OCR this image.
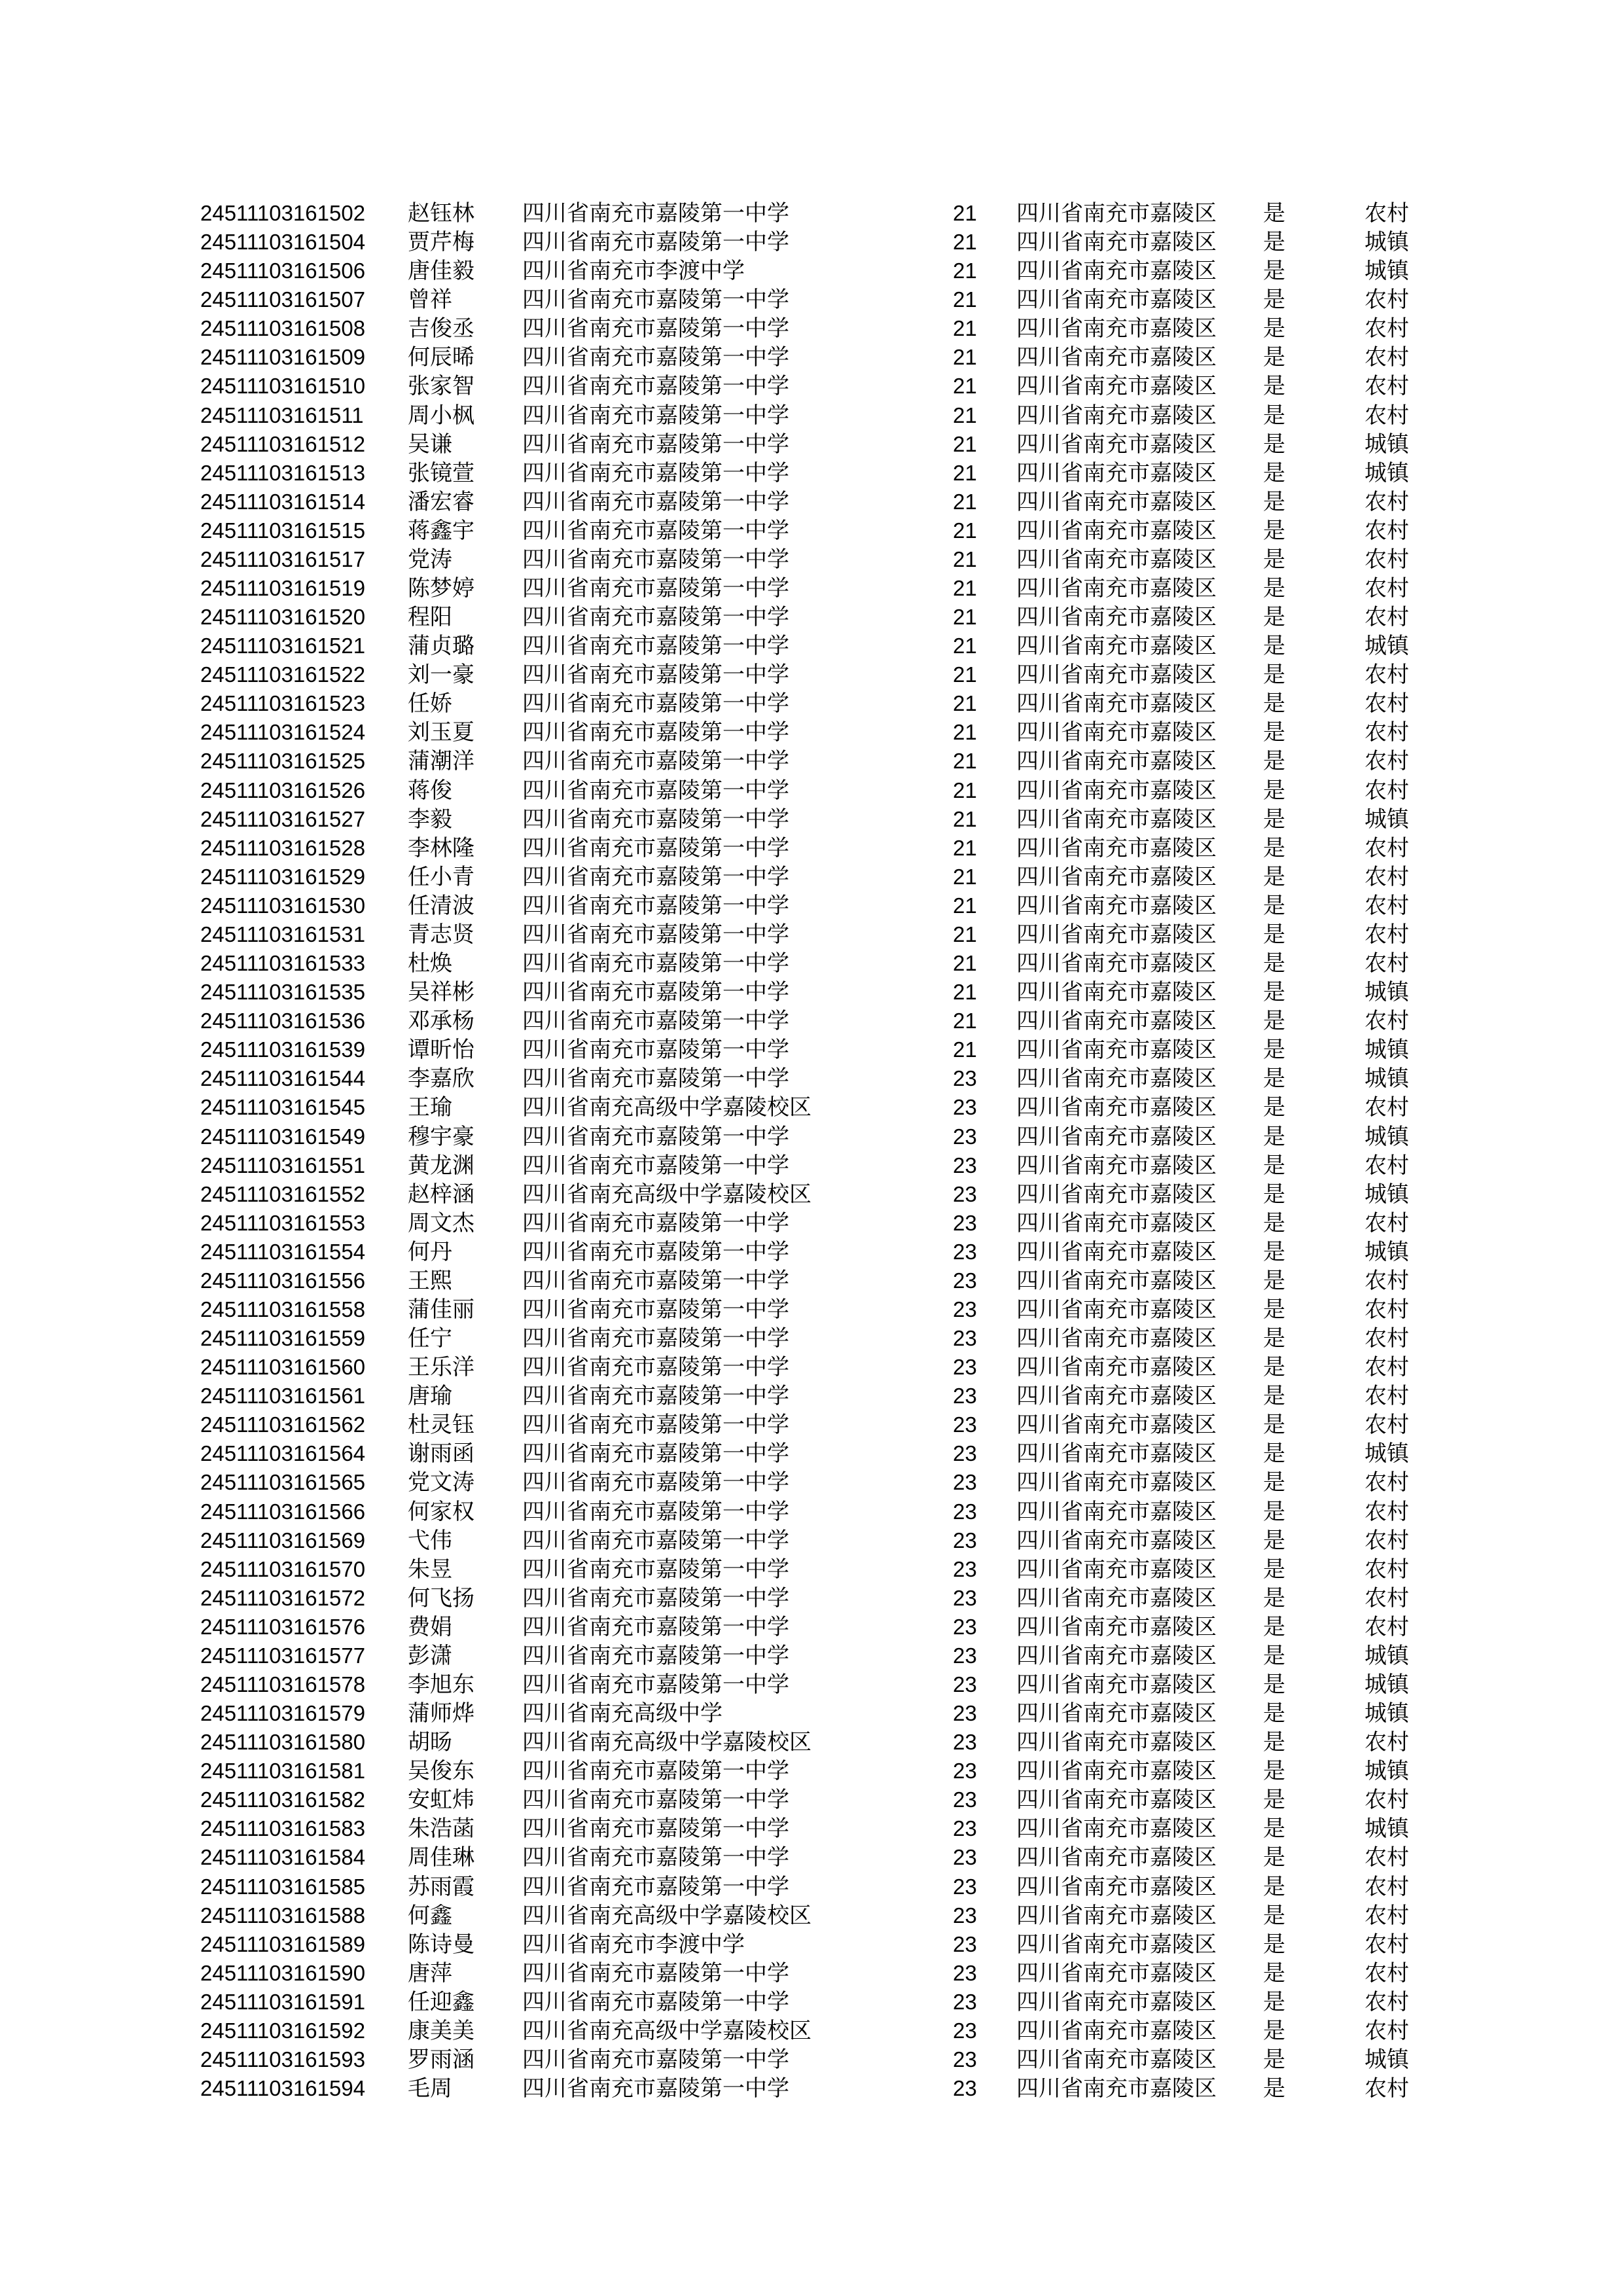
24511103161502 赵钰林 四川省南充市嘉陵第一中学	21 四川省南充市嘉陵区 是	农村
24511103161504 贾芹梅 四川省南充市嘉陵第一中学	21 四川省南充市嘉陵区 是	城镇
24511103161506 唐佳毅 四川省南充市李渡中学	21 四川省南充市嘉陵区 是	城镇
24511103161507 曾祥	四川省南充市嘉陵第一中学	21 四川省南充市嘉陵区 是	农村
24511103161508 吉俊丞 四川省南充市嘉陵第一中学	21 四川省南充市嘉陵区 是	农村
24511103161509 何辰晞 四川省南充市嘉陵第一中学	21 四川省南充市嘉陵区 是	农村
24511103161510 张家智 四川省南充市嘉陵第一中学	21 四川省南充市嘉陵区 是	农村
24511103161511 周小枫 四川省南充市嘉陵第一中学	21 四川省南充市嘉陵区 是	农村
24511103161512 吴谦	四川省南充市嘉陵第一中学	21 四川省南充市嘉陵区 是	城镇
24511103161513 张镜萱 四川省南充市嘉陵第一中学	21 四川省南充市嘉陵区 是	城镇
24511103161514 潘宏睿 四川省南充市嘉陵第一中学	21 四川省南充市嘉陵区 是	农村
24511103161515 蒋鑫宇 四川省南充市嘉陵第一中学	21 四川省南充市嘉陵区 是	农村
24511103161517 党涛	四川省南充市嘉陵第一中学	21 四川省南充市嘉陵区 是	农村
24511103161519 陈梦婷 四川省南充市嘉陵第一中学	21 四川省南充市嘉陵区 是	农村
24511103161520 程阳	四川省南充市嘉陵第一中学	21 四川省南充市嘉陵区 是	农村
24511103161521 蒲贞璐 四川省南充市嘉陵第一中学	21 四川省南充市嘉陵区 是	城镇
24511103161522 刘一豪 四川省南充市嘉陵第一中学	21 四川省南充市嘉陵区 是	农村
24511103161523 任娇	四川省南充市嘉陵第一中学	21 四川省南充市嘉陵区 是	农村
24511103161524 刘玉夏 四川省南充市嘉陵第一中学	21 四川省南充市嘉陵区 是	农村
24511103161525 蒲潮洋 四川省南充市嘉陵第一中学	21 四川省南充市嘉陵区 是	农村
24511103161526 蒋俊	四川省南充市嘉陵第一中学	21 四川省南充市嘉陵区 是	农村
24511103161527 李毅	四川省南充市嘉陵第一中学	21 四川省南充市嘉陵区 是	城镇
24511103161528 李林隆 四川省南充市嘉陵第一中学	21 四川省南充市嘉陵区 是	农村
24511103161529 任小青 四川省南充市嘉陵第一中学	21 四川省南充市嘉陵区 是	农村
24511103161530 任清波 四川省南充市嘉陵第一中学	21 四川省南充市嘉陵区 是	农村
24511103161531 青志贤 四川省南充市嘉陵第一中学	21 四川省南充市嘉陵区 是	农村
24511103161533 杜焕	四川省南充市嘉陵第一中学	21 四川省南充市嘉陵区 是	农村
24511103161535 吴祥彬 四川省南充市嘉陵第一中学	21 四川省南充市嘉陵区 是	城镇
24511103161536 邓承杨 四川省南充市嘉陵第一中学	21 四川省南充市嘉陵区 是	农村
24511103161539 谭昕怡 四川省南充市嘉陵第一中学	21 四川省南充市嘉陵区 是	城镇
24511103161544 李嘉欣 四川省南充市嘉陵第一中学	23 四川省南充市嘉陵区 是	城镇
24511103161545 王瑜	四川省南充高级中学嘉陵校区	23 四川省南充市嘉陵区 是	农村
24511103161549 穆宇豪 四川省南充市嘉陵第一中学	23 四川省南充市嘉陵区 是	城镇
24511103161551 黄龙渊 四川省南充市嘉陵第一中学	23 四川省南充市嘉陵区 是	农村
24511103161552 赵梓涵 四川省南充高级中学嘉陵校区	23 四川省南充市嘉陵区 是	城镇
24511103161553 周文杰 四川省南充市嘉陵第一中学	23 四川省南充市嘉陵区 是	农村
24511103161554 何丹	四川省南充市嘉陵第一中学	23 四川省南充市嘉陵区 是	城镇
24511103161556 王熙	四川省南充市嘉陵第一中学	23 四川省南充市嘉陵区 是	农村
24511103161558 蒲佳丽 四川省南充市嘉陵第一中学	23 四川省南充市嘉陵区 是	农村
24511103161559 任宁	四川省南充市嘉陵第一中学	23 四川省南充市嘉陵区 是	农村
24511103161560 王乐洋 四川省南充市嘉陵第一中学	23 四川省南充市嘉陵区 是	农村
24511103161561 唐瑜	四川省南充市嘉陵第一中学	23 四川省南充市嘉陵区 是	农村
24511103161562 杜灵钰 四川省南充市嘉陵第一中学	23 四川省南充市嘉陵区 是	农村
24511103161564 谢雨函 四川省南充市嘉陵第一中学	23 四川省南充市嘉陵区 是	城镇
24511103161565 党文涛 四川省南充市嘉陵第一中学	23 四川省南充市嘉陵区 是	农村
24511103161566 何家权 四川省南充市嘉陵第一中学	23 四川省南充市嘉陵区 是	农村
24511103161569 弋伟	四川省南充市嘉陵第一中学	23 四川省南充市嘉陵区 是	农村
24511103161570 朱昱	四川省南充市嘉陵第一中学	23 四川省南充市嘉陵区 是	农村
24511103161572 何飞扬 四川省南充市嘉陵第一中学	23 四川省南充市嘉陵区 是	农村
24511103161576 费娟	四川省南充市嘉陵第一中学	23 四川省南充市嘉陵区 是	农村
24511103161577 彭潇	四川省南充市嘉陵第一中学	23 四川省南充市嘉陵区 是	城镇
24511103161578 李旭东 四川省南充市嘉陵第一中学	23 四川省南充市嘉陵区 是	城镇
24511103161579 蒲师烨 四川省南充高级中学	23 四川省南充市嘉陵区 是	城镇
24511103161580 胡旸	四川省南充高级中学嘉陵校区	23 四川省南充市嘉陵区 是	农村
24511103161581 吴俊东 四川省南充市嘉陵第一中学	23 四川省南充市嘉陵区 是	城镇
24511103161582 安虹炜 四川省南充市嘉陵第一中学	23 四川省南充市嘉陵区 是	农村
24511103161583 朱浩菡 四川省南充市嘉陵第一中学	23 四川省南充市嘉陵区 是	城镇
24511103161584 周佳琳 四川省南充市嘉陵第一中学	23 四川省南充市嘉陵区 是	农村
24511103161585 苏雨霞 四川省南充市嘉陵第一中学	23 四川省南充市嘉陵区 是	农村
24511103161588 何鑫	四川省南充高级中学嘉陵校区	23 四川省南充市嘉陵区 是	农村
24511103161589 陈诗曼 四川省南充市李渡中学	23 四川省南充市嘉陵区 是	农村
24511103161590 唐萍	四川省南充市嘉陵第一中学	23 四川省南充市嘉陵区 是	农村
24511103161591 任迎鑫 四川省南充市嘉陵第一中学	23 四川省南充市嘉陵区 是	农村
24511103161592 康美美 四川省南充高级中学嘉陵校区	23 四川省南充市嘉陵区 是	农村
24511103161593 罗雨涵 四川省南充市嘉陵第一中学	23 四川省南充市嘉陵区 是	城镇
24511103161594 毛周	四川省南充市嘉陵第一中学	23 四川省南充市嘉陵区 是	农村
